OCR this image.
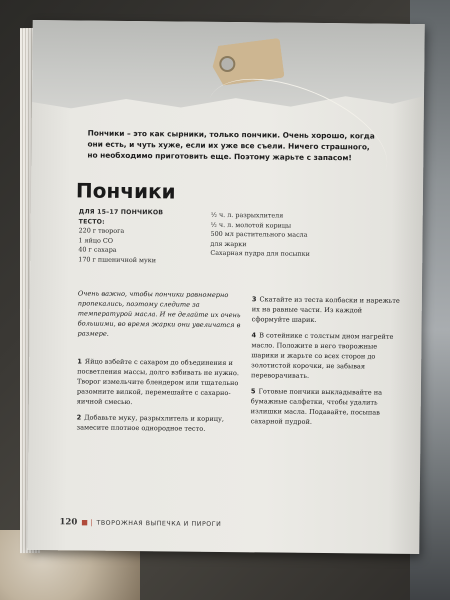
Пончики – это как сырники, только пончики. Очень хорошо, когда они есть, и чуть хуже, если их уже все съели. Ничего страшного, но необходимо приготовить еще. Поэтому жарьте с запасом!
Пончики
ДЛЯ 15–17 ПОНЧИКОВ
ТЕСТО:
220 г творога
1 яйцо СО
40 г сахара
170 г пшеничной муки
½ ч. л. разрыхлителя
½ ч. л. молотой корицы
500 мл растительного масла
для жарки
Сахарная пудра для посыпки
Очень важно, чтобы пончики равномерно пропекались, поэтому следите за температурой масла. И не делайте их очень большими, во время жарки они увеличатся в размере.
1 Яйцо взбейте с сахаром до объединения и посветления массы, долго взбивать не нужно. Творог измельчите блендером или тщательно разомните вилкой, перемешайте с сахарно-яичной смесью.
2 Добавьте муку, разрыхлитель и корицу, замесите плотное однородное тесто.
3 Скатайте из теста колбаски и нарежьте их на равные части. Из каждой сформуйте шарик.
4 В сотейнике с толстым дном нагрейте масло. Положите в него творожные шарики и жарьте со всех сторон до золотистой корочки, не забывая переворачивать.
5 Готовые пончики выкладывайте на бумажные салфетки, чтобы удалить излишки масла. Подавайте, посыпав сахарной пудрой.
120 ■ | ТВОРОЖНАЯ ВЫПЕЧКА И ПИРОГИ
